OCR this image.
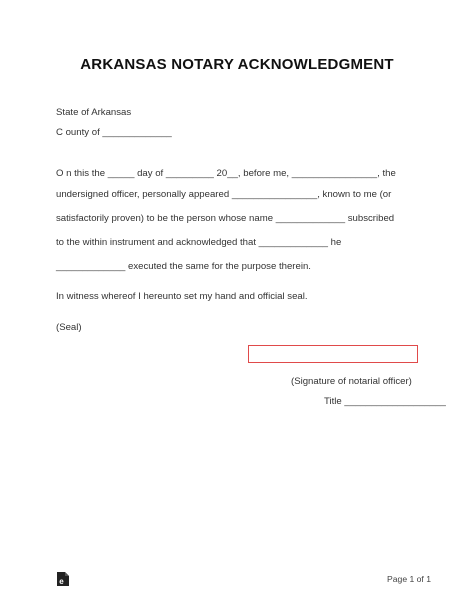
ARKANSAS NOTARY ACKNOWLEDGMENT
State of Arkansas
C ounty of _____________
O n this the _____ day of _________ 20__, before me, ________________, the
undersigned officer, personally appeared ________________, known to me (or
satisfactorily proven) to be the person whose name _____________ subscribed
to the within instrument and acknowledged that _____________ he
_____________ executed the same for the purpose therein.
In witness whereof I hereunto set my hand and official seal.
(Seal)
______________________________
(Signature of notarial officer)
Title ___________________
e	Page 1 of 1
